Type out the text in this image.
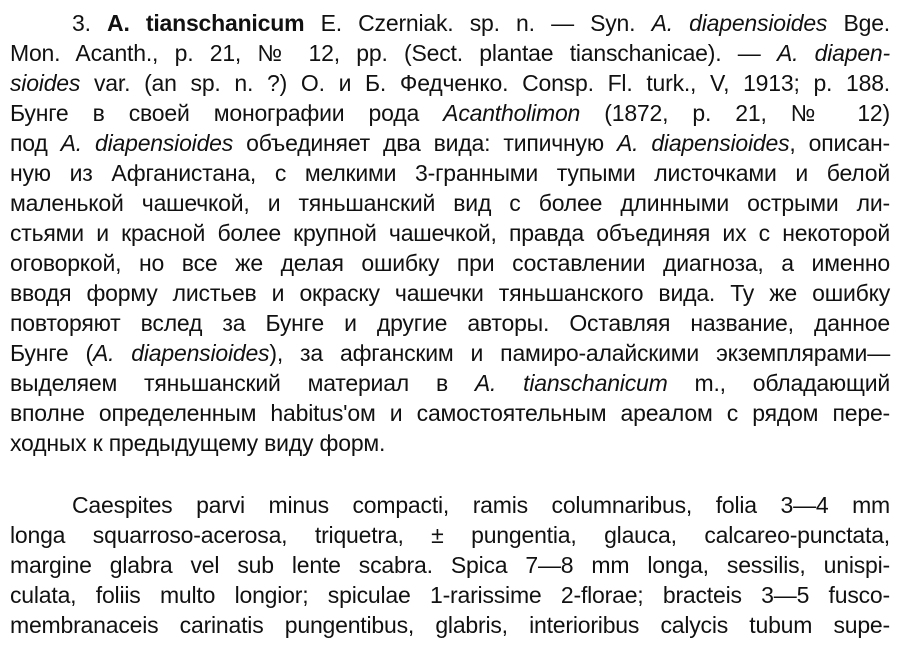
3. A. tianschanicum E. Czerniak. sp. n. — Syn. A. diapensioides Bge.
Mon. Acanth., p. 21, № 12, pp. (Sect. plantae tianschanicae). — A. diapen-
sioides var. (an sp. n. ?) О. и Б. Федченко. Consp. Fl. turk., V, 1913; p. 188.
Бунге в своей монографии рода Acantholimon (1872, p. 21, № 12)
под A. diapensioides объединяет два вида: типичную A. diapensioides, описан-
ную из Афганистана, с мелкими 3-гранными тупыми листочками и белой
маленькой чашечкой, и тяньшанский вид с более длинными острыми ли-
стьями и красной более крупной чашечкой, правда объединяя их с некоторой
оговоркой, но все же делая ошибку при составлении диагноза, а именно
вводя форму листьев и окраску чашечки тяньшанского вида. Ту же ошибку
повторяют вслед за Бунге и другие авторы. Оставляя название, данное
Бунге (A. diapensioides), за афганским и памиро-алайскими экземплярами—
выделяем тяньшанский материал в A. tianschanicum m., обладающий
вполне определенным habitus'ом и самостоятельным ареалом с рядом пере-
ходных к предыдущему виду форм.
Caespites parvi minus compacti, ramis columnaribus, folia 3—4 mm
longa squarroso-acerosa, triquetra, ± pungentia, glauca, calcareo-punctata,
margine glabra vel sub lente scabra. Spica 7—8 mm longa, sessilis, unispi-
culata, foliis multo longior; spiculae 1-rarissime 2-florae; bracteis 3—5 fusco-
membranaceis carinatis pungentibus, glabris, interioribus calycis tubum supe-
